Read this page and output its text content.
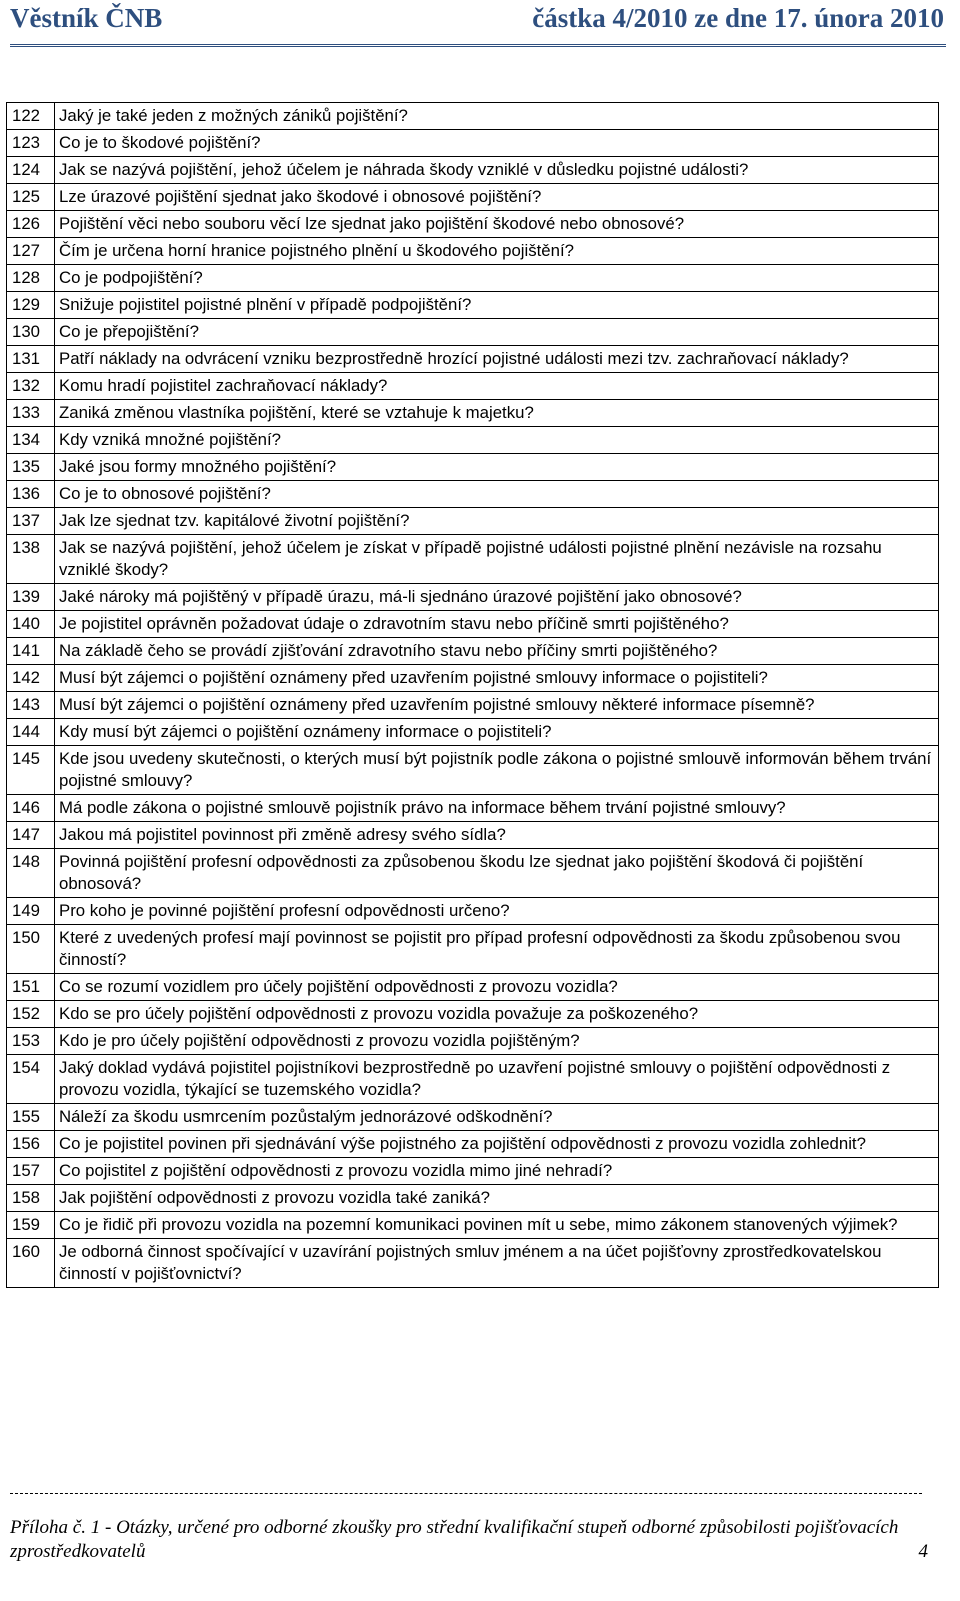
Věstník ČNB	částka 4/2010 ze dne 17. února 2010
122	Jaký je také jeden z možných zániků pojištění?
123	Co je to škodové pojištění?
124	Jak se nazývá pojištění, jehož účelem je náhrada škody vzniklé v důsledku pojistné události?
125	Lze úrazové pojištění sjednat jako škodové i obnosové pojištění?
126	Pojištění věci nebo souboru věcí lze sjednat jako pojištění škodové nebo obnosové?
127	Čím je určena horní hranice pojistného plnění u škodového pojištění?
128	Co je podpojištění?
129	Snižuje pojistitel pojistné plnění v případě podpojištění?
130	Co je přepojištění?
131	Patří náklady na odvrácení vzniku bezprostředně hrozící pojistné události mezi tzv. zachraňovací náklady?
132	Komu hradí pojistitel zachraňovací náklady?
133	Zaniká změnou vlastníka pojištění, které se vztahuje k majetku?
134	Kdy vzniká množné pojištění?
135	Jaké jsou formy množného pojištění?
136	Co je to obnosové pojištění?
137	Jak lze sjednat tzv. kapitálové životní pojištění?
138	Jak se nazývá pojištění, jehož účelem je získat v případě pojistné události pojistné plnění nezávisle na rozsahu vzniklé škody?
139	Jaké nároky má pojištěný v případě úrazu, má-li sjednáno úrazové pojištění jako obnosové?
140	Je pojistitel oprávněn požadovat údaje o zdravotním stavu nebo příčině smrti pojištěného?
141	Na základě čeho se provádí zjišťování zdravotního stavu nebo příčiny smrti pojištěného?
142	Musí být zájemci o pojištění oznámeny před uzavřením pojistné smlouvy informace o pojistiteli?
143	Musí být zájemci o pojištění oznámeny před uzavřením pojistné smlouvy některé informace písemně?
144	Kdy musí být zájemci o pojištění oznámeny informace o pojistiteli?
145	Kde jsou uvedeny skutečnosti, o kterých musí být pojistník podle zákona o pojistné smlouvě informován během trvání pojistné smlouvy?
146	Má podle zákona o pojistné smlouvě pojistník právo na informace během trvání pojistné smlouvy?
147	Jakou má pojistitel povinnost při změně adresy svého sídla?
148	Povinná pojištění profesní odpovědnosti za způsobenou škodu lze sjednat jako pojištění škodová či pojištění obnosová?
149	Pro koho je povinné pojištění profesní odpovědnosti určeno?
150	Které z uvedených profesí mají povinnost se pojistit pro případ profesní odpovědnosti za škodu způsobenou svou činností?
151	Co se rozumí vozidlem pro účely pojištění odpovědnosti z provozu vozidla?
152	Kdo se pro účely pojištění odpovědnosti z provozu vozidla považuje za poškozeného?
153	Kdo je pro účely pojištění odpovědnosti z provozu vozidla pojištěným?
154	Jaký doklad vydává pojistitel pojistníkovi bezprostředně po uzavření pojistné smlouvy o pojištění odpovědnosti z provozu vozidla, týkající se tuzemského vozidla?
155	Náleží za škodu usmrcením pozůstalým jednorázové odškodnění?
156	Co je pojistitel povinen při sjednávání výše pojistného za pojištění odpovědnosti z provozu vozidla zohlednit?
157	Co pojistitel z pojištění odpovědnosti z provozu vozidla mimo jiné nehradí?
158	Jak pojištění odpovědnosti z provozu vozidla také zaniká?
159	Co je řidič při provozu vozidla na pozemní komunikaci povinen mít u sebe, mimo zákonem stanovených výjimek?
160	Je odborná činnost spočívající v uzavírání pojistných smluv jménem a na účet pojišťovny zprostředkovatelskou činností v pojišťovnictví?
Příloha č. 1 - Otázky, určené pro odborné zkoušky pro střední kvalifikační stupeň odborné způsobilosti pojišťovacích zprostředkovatelů	4
